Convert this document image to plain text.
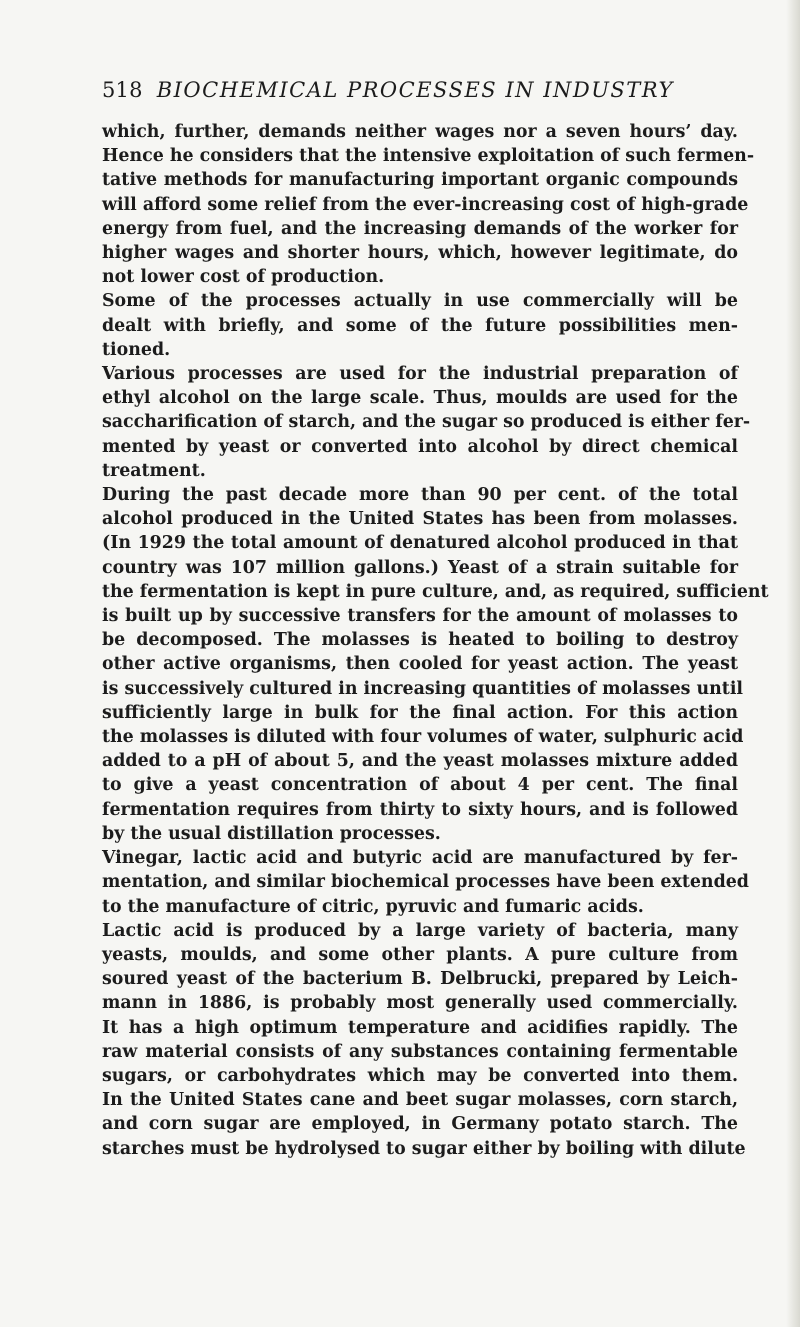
518 BIOCHEMICAL PROCESSES IN INDUSTRY

which, further, demands neither wages nor a seven hours’ day.
Hence he considers that the intensive exploitation of such fermen-
tative methods for manufacturing important organic compounds
will afford some relief from the ever-increasing cost of high-grade
energy from fuel, and the increasing demands of the worker for
higher wages and shorter hours, which, however legitimate, do
not lower cost of production.

Some of the processes actually in use commercially will be
dealt with briefly, and some of the future possibilities men-
tioned.

Various processes are used for the industrial preparation of
ethyl alcohol on the large scale. Thus, moulds are used for the
saccharification of starch, and the sugar so produced is either fer-
mented by yeast or converted into alcohol by direct chemical
treatment.

During the past decade more than 90 per cent. of the total
alcohol produced in the United States has been from molasses.
(In 1929 the total amount of denatured alcohol produced in that
country was 107 million gallons.) Yeast of a strain suitable for
the fermentation is kept in pure culture, and, as required, sufficient
is built up by successive transfers for the amount of molasses to
be decomposed. The molasses is heated to boiling to destroy
other active organisms, then cooled for yeast action. The yeast
is successively cultured in increasing quantities of molasses until
sufficiently large in bulk for the final action. For this action
the molasses is diluted with four volumes of water, sulphuric acid
added to a pH of about 5, and the yeast molasses mixture added
to give a yeast concentration of about 4 per cent. The final
fermentation requires from thirty to sixty hours, and is followed
by the usual distillation processes.

Vinegar, lactic acid and butyric acid are manufactured by fer-
mentation, and similar biochemical processes have been extended
to the manufacture of citric, pyruvic and fumaric acids.

Lactic acid is produced by a large variety of bacteria, many
yeasts, moulds, and some other plants. A pure culture from
soured yeast of the bacterium B. Delbrucki, prepared by Leich-
mann in 1886, is probably most generally used commercially.
It has a high optimum temperature and acidifies rapidly. The
raw material consists of any substances containing fermentable
sugars, or carbohydrates which may be converted into them.
In the United States cane and beet sugar molasses, corn starch,
and corn sugar are employed, in Germany potato starch. The
starches must be hydrolysed to sugar either by boiling with dilute
